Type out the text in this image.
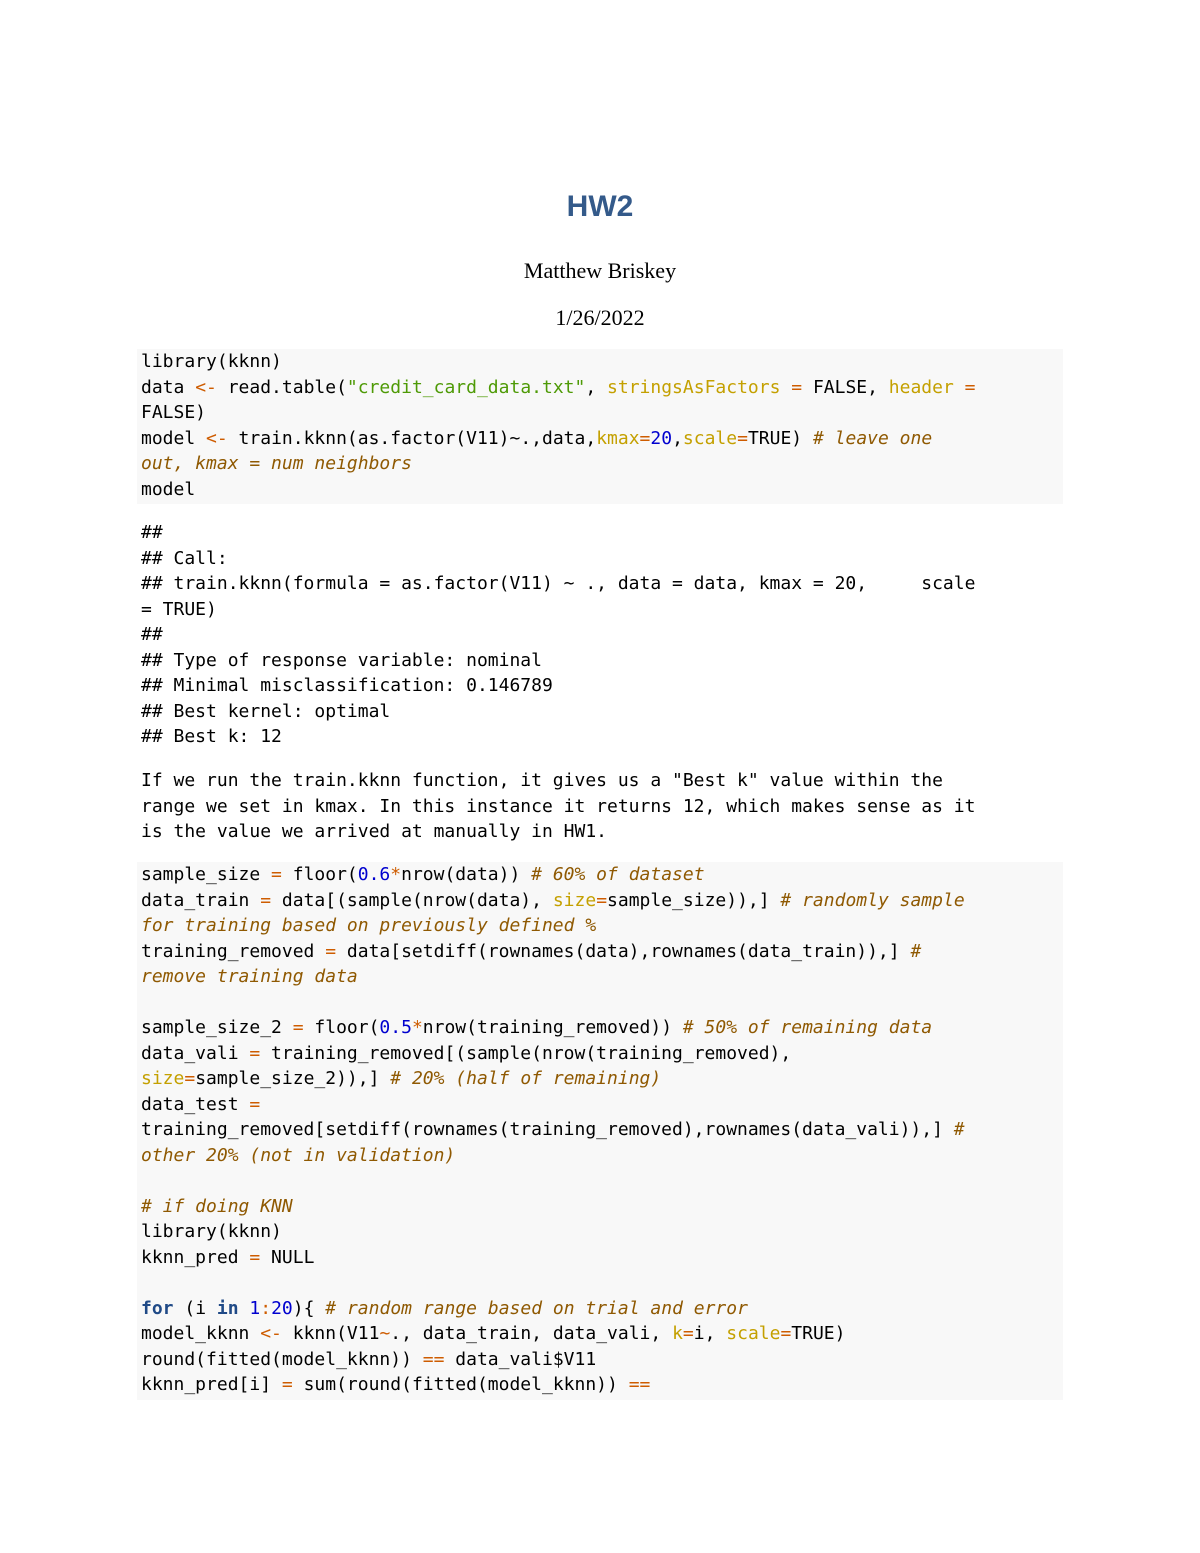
HW2

Matthew Briskey

1/26/2022

library(kknn)
data <- read.table("credit_card_data.txt", stringsAsFactors = FALSE, header =
FALSE)
model <- train.kknn(as.factor(V11)~.,data,kmax=20,scale=TRUE) # leave one
out, kmax = num neighbors
model
##
## Call:
## train.kknn(formula = as.factor(V11) ~ ., data = data, kmax = 20,     scale
= TRUE)
##
## Type of response variable: nominal
## Minimal misclassification: 0.146789
## Best kernel: optimal
## Best k: 12
If we run the train.kknn function, it gives us a "Best k" value within the
range we set in kmax. In this instance it returns 12, which makes sense as it
is the value we arrived at manually in HW1.
sample_size = floor(0.6*nrow(data)) # 60% of dataset
data_train = data[(sample(nrow(data), size=sample_size)),] # randomly sample
for training based on previously defined %
training_removed = data[setdiff(rownames(data),rownames(data_train)),] #
remove training data

sample_size_2 = floor(0.5*nrow(training_removed)) # 50% of remaining data
data_vali = training_removed[(sample(nrow(training_removed),
size=sample_size_2)),] # 20% (half of remaining)
data_test =
training_removed[setdiff(rownames(training_removed),rownames(data_vali)),] #
other 20% (not in validation)

# if doing KNN
library(kknn)
kknn_pred = NULL

for (i in 1:20){ # random range based on trial and error
model_kknn <- kknn(V11~., data_train, data_vali, k=i, scale=TRUE)
round(fitted(model_kknn)) == data_vali$V11
kknn_pred[i] = sum(round(fitted(model_kknn)) ==
